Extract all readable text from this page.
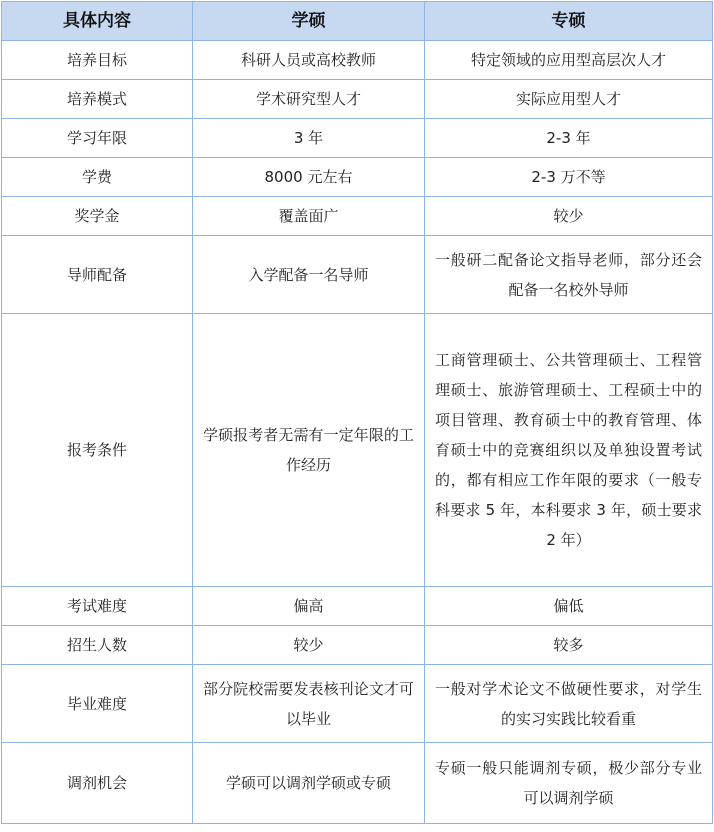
具体内容	学硕	专硕
培养目标	科研人员或高校教师	特定领域的应用型高层次人才
培养模式	学术研究型人才	实际应用型人才
学习年限	3 年	2-3 年
学费	8000 元左右	2-3 万不等
奖学金	覆盖面广	较少
导师配备	入学配备一名导师	一般研二配备论文指导老师，部分还会配备一名校外导师
报考条件	学硕报考者无需有一定年限的工作经历	工商管理硕士、公共管理硕士、工程管理硕士、旅游管理硕士、工程硕士中的项目管理、教育硕士中的教育管理、体育硕士中的竞赛组织以及单独设置考试的，都有相应工作年限的要求（一般专科要求 5 年，本科要求 3 年，硕士要求 2 年）
考试难度	偏高	偏低
招生人数	较少	较多
毕业难度	部分院校需要发表核刊论文才可以毕业	一般对学术论文不做硬性要求，对学生的实习实践比较看重
调剂机会	学硕可以调剂学硕或专硕	专硕一般只能调剂专硕，极少部分专业可以调剂学硕
